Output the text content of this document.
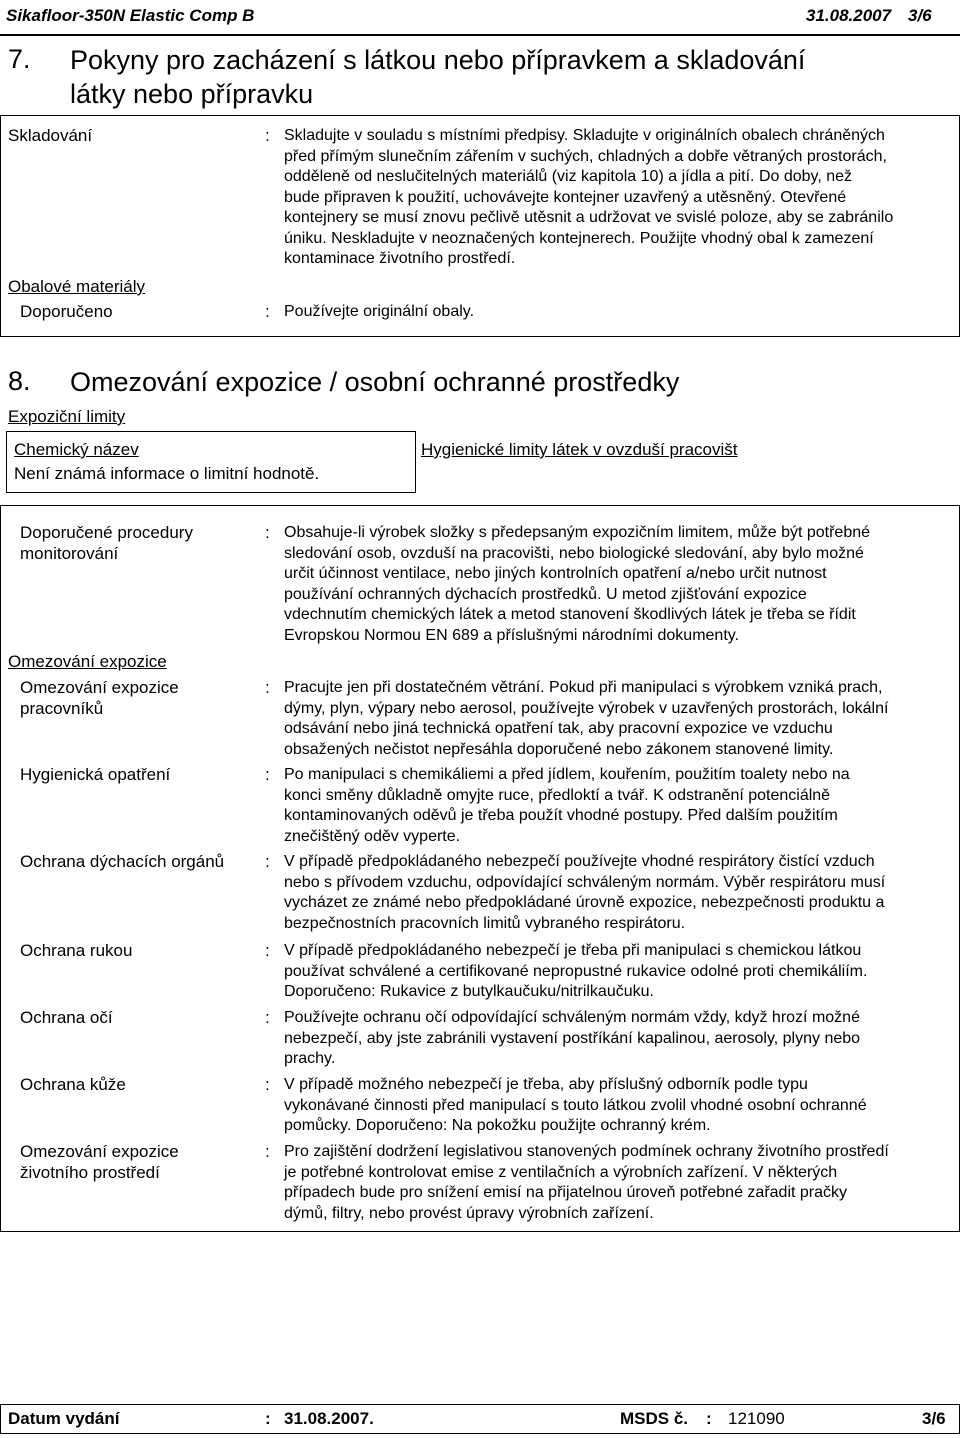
Sikafloor-350N Elastic Comp B	31.08.2007 3/6
7. Pokyny pro zacházení s látkou nebo přípravkem a skladování
látky nebo přípravku
Skladování	: Skladujte v souladu s místními předpisy. Skladujte v originálních obalech chráněných

před přímým slunečním zářením v suchých, chladných a dobře větraných prostorách,

odděleně od neslučitelných materiálů (viz kapitola 10) a jídla a pití. Do doby, než

bude připraven k použití, uchovávejte kontejner uzavřený a utěsněný. Otevřené

kontejnery se musí znovu pečlivě utěsnit a udržovat ve svislé poloze, aby se zabránilo

úniku. Neskladujte v neoznačených kontejnerech. Použijte vhodný obal k zamezení

kontaminace životního prostředí.

Obalové materiály
Doporučeno	: Používejte originální obaly.
8. Omezování expozice / osobní ochranné prostředky
Expoziční limity
Chemický název	Hygienické limity látek v ovzduší pracovišt
Není známá informace o limitní hodnotě.

Doporučené procedury

monitorování

: Obsahuje-li výrobek složky s předepsaným expozičním limitem, může být potřebné

sledování osob, ovzduší na pracovišti, nebo biologické sledování, aby bylo možné

určit účinnost ventilace, nebo jiných kontrolních opatření a/nebo určit nutnost

používání ochranných dýchacích prostředků. U metod zjišťování expozice

vdechnutím chemických látek a metod stanovení škodlivých látek je třeba se řídit

Evropskou Normou EN 689 a příslušnými národními dokumenty.

Omezování expozice

Omezování expozice

pracovníků

: Pracujte jen při dostatečném větrání. Pokud při manipulaci s výrobkem vzniká prach,

dýmy, plyn, výpary nebo aerosol, používejte výrobek v uzavřených prostorách, lokální

odsávání nebo jiná technická opatření tak, aby pracovní expozice ve vzduchu

obsažených nečistot nepřesáhla doporučené nebo zákonem stanovené limity.

Hygienická opatření	: Po manipulaci s chemikáliemi a před jídlem, kouřením, použitím toalety nebo na

konci směny důkladně omyjte ruce, předloktí a tvář. K odstranění potenciálně

kontaminovaných oděvů je třeba použít vhodné postupy. Před dalším použitím

znečištěný oděv vyperte.

Ochrana dýchacích orgánů : V případě předpokládaného nebezpečí používejte vhodné respirátory čistící vzduch

nebo s přívodem vzduchu, odpovídající schváleným normám. Výběr respirátoru musí

vycházet ze známé nebo předpokládané úrovně expozice, nebezpečnosti produktu a

bezpečnostních pracovních limitů vybraného respirátoru.

Ochrana rukou	: V případě předpokládaného nebezpečí je třeba při manipulaci s chemickou látkou

používat schválené a certifikované nepropustné rukavice odolné proti chemikáliím.

Doporučeno: Rukavice z butylkaučuku/nitrilkaučuku.

Ochrana očí	: Používejte ochranu očí odpovídající schváleným normám vždy, když hrozí možné

nebezpečí, aby jste zabránili vystavení postříkání kapalinou, aerosoly, plyny nebo

prachy.

Ochrana kůže	: V případě možného nebezpečí je třeba, aby příslušný odborník podle typu

vykonávané činnosti před manipulací s touto látkou zvolil vhodné osobní ochranné

pomůcky. Doporučeno: Na pokožku použijte ochranný krém.

Omezování expozice

životního prostředí

: Pro zajištění dodržení legislativou stanovených podmínek ochrany životního prostředí

je potřebné kontrolovat emise z ventilačních a výrobních zařízení. V některých

případech bude pro snížení emisí na přijatelnou úroveň potřebné zařadit pračky

dýmů, filtry, nebo provést úpravy výrobních zařízení.

Datum vydání	: 31.08.2007.	MSDS č. : 121090	3/6
